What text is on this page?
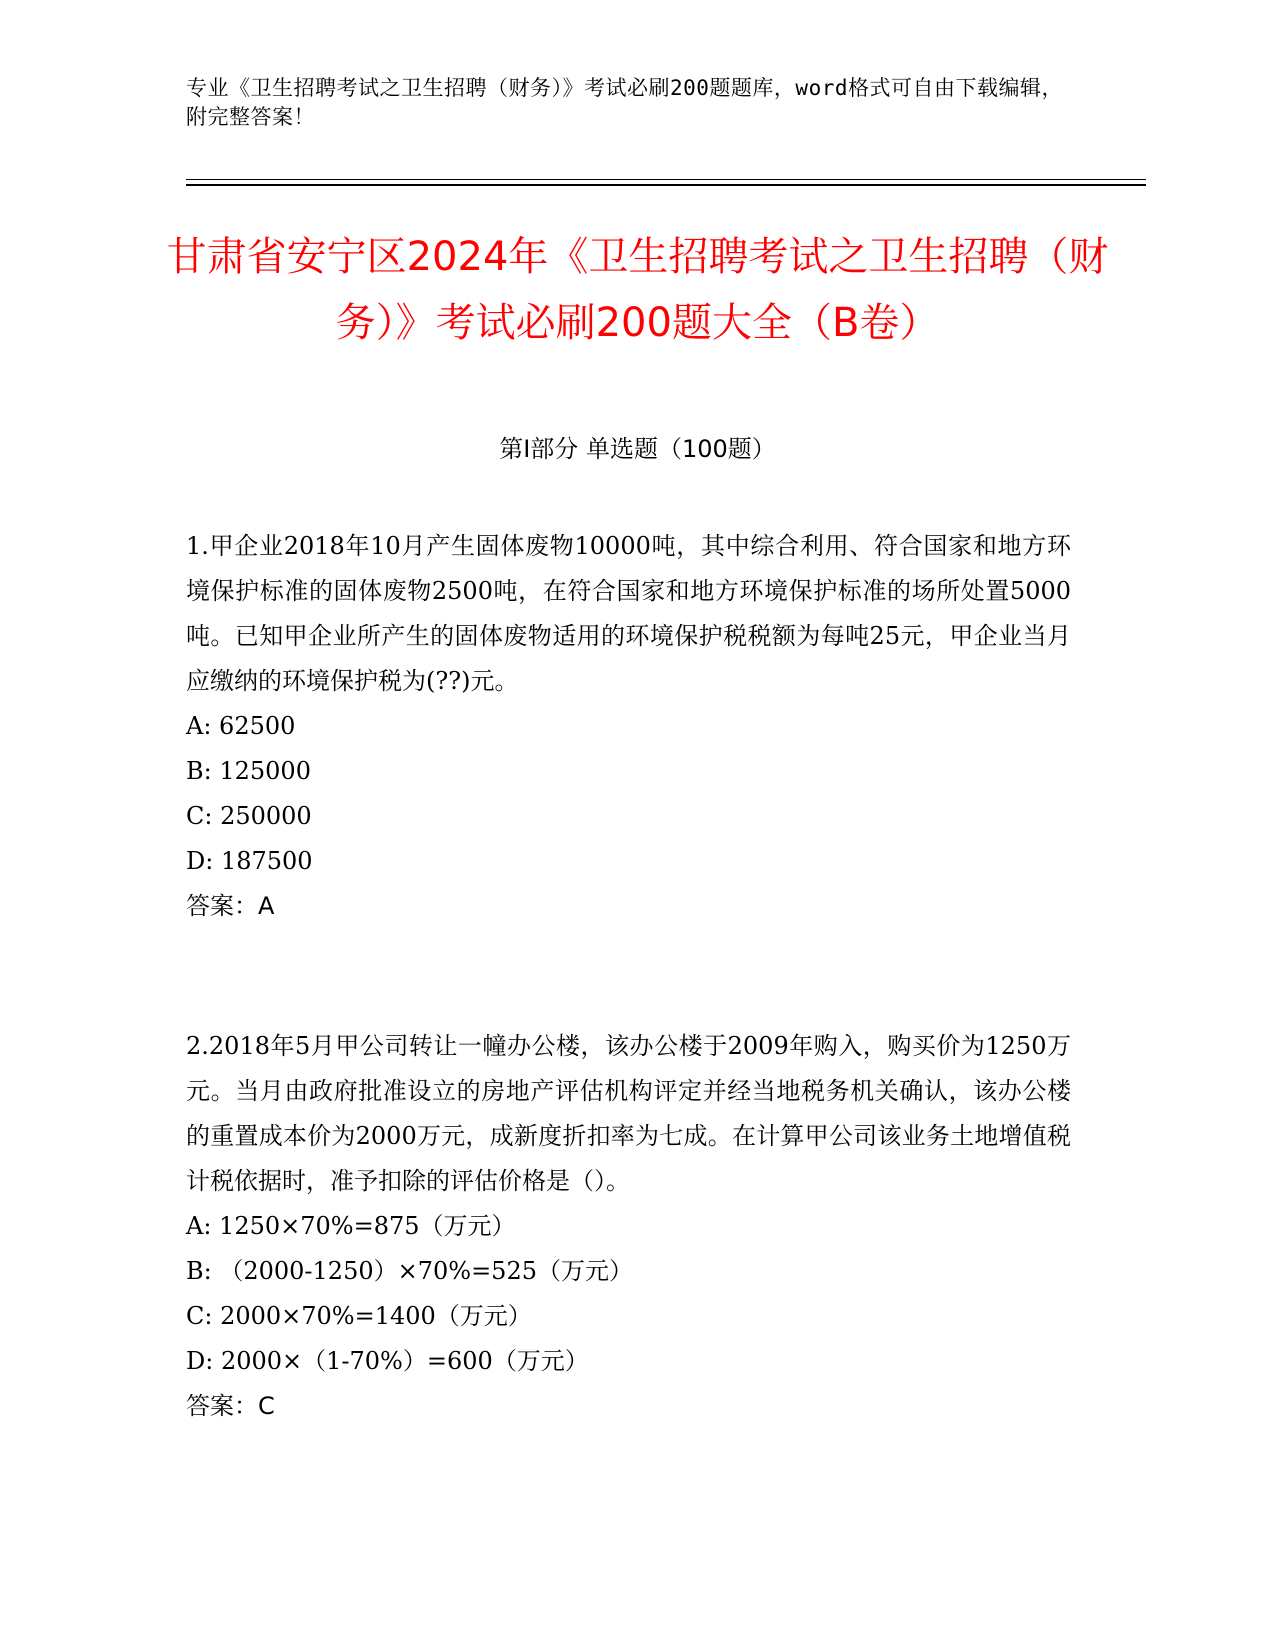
专业《卫生招聘考试之卫生招聘（财务）》考试必刷200题题库，word格式可自由下载编辑，附完整答案！
甘肃省安宁区2024年《卫生招聘考试之卫生招聘（财务）》考试必刷200题大全（B卷）
第Ⅰ部分 单选题（100题）

1.甲企业2018年10月产生固体废物10000吨，其中综合利用、符合国家和地方环境保护标准的固体废物2500吨，在符合国家和地方环境保护标准的场所处置5000吨。已知甲企业所产生的固体废物适用的环境保护税税额为每吨25元，甲企业当月应缴纳的环境保护税为(??)元。

A: 62500

B: 125000

C: 250000

D: 187500

答案：A

2.2018年5月甲公司转让一幢办公楼，该办公楼于2009年购入，购买价为1250万元。当月由政府批准设立的房地产评估机构评定并经当地税务机关确认，该办公楼的重置成本价为2000万元，成新度折扣率为七成。在计算甲公司该业务土地增值税计税依据时，准予扣除的评估价格是（）。

A: 1250×70%=875（万元）

B: （2000-1250）×70%=525（万元）

C: 2000×70%=1400（万元）

D: 2000×（1-70%）=600（万元）

答案：C
